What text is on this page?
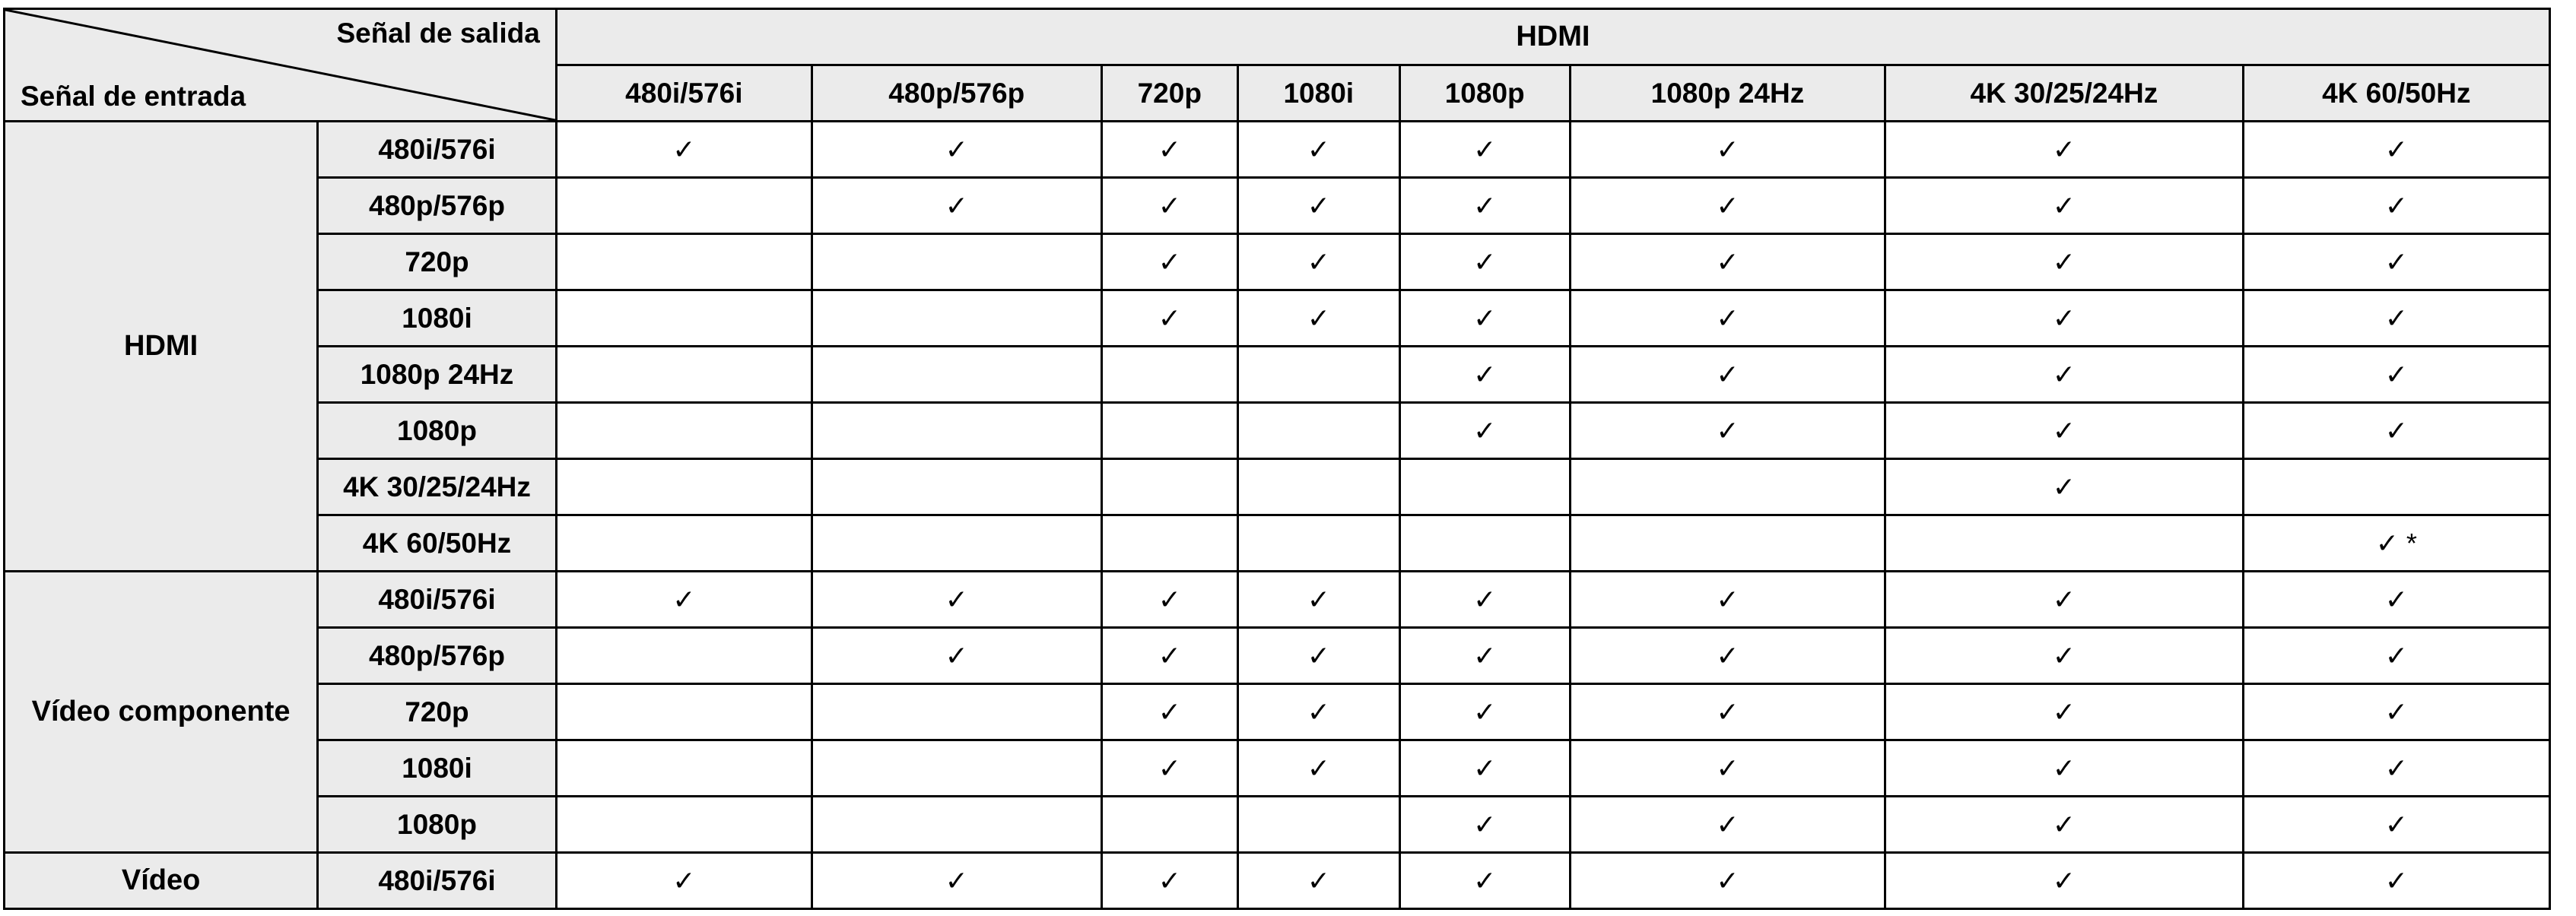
Señal de salida
Señal de entrada		HDMI							
		480i/576i	480p/576p	720p	1080i	1080p	1080p 24Hz	4K 30/25/24Hz	4K 60/50Hz
HDMI	480i/576i	✓	✓	✓	✓	✓	✓	✓	✓
	480p/576p		✓	✓	✓	✓	✓	✓	✓
	720p			✓	✓	✓	✓	✓	✓
	1080i			✓	✓	✓	✓	✓	✓
	1080p 24Hz					✓	✓	✓	✓
	1080p					✓	✓	✓	✓
	4K 30/25/24Hz							✓	
	4K 60/50Hz								✓ *
Vídeo componente	480i/576i	✓	✓	✓	✓	✓	✓	✓	✓
	480p/576p		✓	✓	✓	✓	✓	✓	✓
	720p			✓	✓	✓	✓	✓	✓
	1080i			✓	✓	✓	✓	✓	✓
	1080p					✓	✓	✓	✓
Vídeo	480i/576i	✓	✓	✓	✓	✓	✓	✓	✓
